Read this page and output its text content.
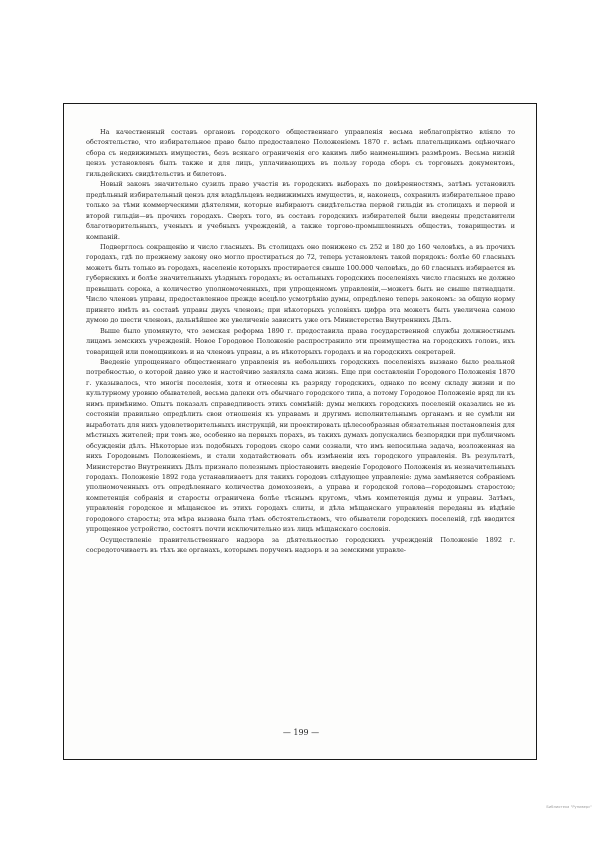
На качественный составъ органовъ городского общественнаго управленія весьма неблагопріятно вліяло то обстоятельство, что избирательное право было предоставлено Положеніемъ 1870 г. всѣмъ плательщикамъ оцѣночнаго сбора съ недвижимыхъ имуществъ, безъ всякаго ограниченія его какимъ либо наименьшимъ размѣромъ. Весьма низкій цензъ установленъ былъ также и для лицъ, уплачивающихъ въ пользу города сборъ съ торговыхъ документовъ, гильдейскихъ свидѣтельствъ и билетовъ.

Новый законъ значительно сузилъ право участія въ городскихъ выборахъ по довѣренностямъ, затѣмъ установилъ предѣльный избирательный цензъ для владѣльцевъ недвижимыхъ имуществъ, и, наконецъ, сохранилъ избирательное право только за тѣми коммерческими дѣятелями, которые выбираютъ свидѣтельства первой гильдіи въ столицахъ и первой и второй гильдіи—въ прочихъ городахъ. Сверхъ того, въ составъ городскихъ избирателей были введены представители благотворительныхъ, ученыхъ и учебныхъ учрежденій, а также торгово-промышленныхъ обществъ, товариществъ и компаній.

Подверглось сокращенію и число гласныхъ. Въ столицахъ оно понижено съ 252 и 180 до 160 человѣкъ, а въ прочихъ городахъ, гдѣ по прежнему закону оно могло простираться до 72, теперь установленъ такой порядокъ: болѣе 60 гласныхъ можетъ быть только въ городахъ, населеніе которыхъ простирается свыше 100.000 человѣкъ, до 60 гласныхъ избирается въ губернскихъ и болѣе значительныхъ уѣздныхъ городахъ; въ остальныхъ городскихъ поселеніяхъ число гласныхъ не должно превышать сорока, а количество уполномоченныхъ, при упрощенномъ управленіи,—можетъ быть не свыше пятнадцати. Число членовъ управы, предоставленное прежде всецѣло усмотрѣнію думы, опредѣлено теперь закономъ: за общую норму принято имѣть въ составѣ управы двухъ членовъ; при нѣкоторыхъ условіяхъ цифра эта можетъ быть увеличена самою думою до шести членовъ, дальнѣйшее же увеличеніе зависитъ уже отъ Министерства Внутреннихъ Дѣлъ.

Выше было упомянуто, что земская реформа 1890 г. предоставила права государственной службы должностнымъ лицамъ земскихъ учрежденій. Новое Городовое Положеніе распространило эти преимущества на городскихъ головъ, ихъ товарищей или помощниковъ и на членовъ управы, а въ нѣкоторыхъ городахъ и на городскихъ секретарей.

Введеніе упрощеннаго общественнаго управленія въ небольшихъ городскихъ поселеніяхъ вызвано было реальной потребностью, о которой давно уже и настойчиво заявляла сама жизнь. Еще при составленіи Городового Положенія 1870 г. указывалось, что многія поселенія, хотя и отнесены къ разряду городскихъ, однако по всему складу жизни и по культурному уровню обывателей, весьма далеки отъ обычнаго городского типа, а потому Городовое Положеніе вряд ли къ нимъ примѣнимо. Опытъ показалъ справедливость этихъ сомнѣній: думы мелкихъ городскихъ поселеній оказались не въ состояніи правильно опредѣлить свои отношенія къ управамъ и другимъ исполнительнымъ органамъ и не сумѣли ни выработать для нихъ удовлетворительныхъ инструкцій, ни проектировать цѣлесообразныя обязательныя постановленія для мѣстныхъ жителей; при томъ же, особенно на первыхъ порахъ, въ такихъ думахъ допускались безпорядки при публичномъ обсужденіи дѣлъ. Нѣкоторые изъ подобныхъ городовъ скоро сами сознали, что имъ непосильна задача, возложенная на нихъ Городовымъ Положеніемъ, и стали ходатайствовать объ измѣненіи ихъ городского управленія. Въ результатѣ, Министерство Внутреннихъ Дѣлъ признало полезнымъ пріостановить введеніе Городового Положенія въ незначительныхъ городахъ. Положеніе 1892 года устанавливаетъ для такихъ городовъ слѣдующее управленіе: дума замѣняется собраніемъ уполномоченныхъ отъ опредѣленнаго количества домохозяевъ, а управа и городской голова—городовымъ старостою; компетенція собранія и старосты ограничена болѣе тѣснымъ кругомъ, чѣмъ компетенція думы и управы. Затѣмъ, управленія городское и мѣщанское въ этихъ городахъ слиты, и дѣла мѣщанскаго управленія переданы въ вѣдѣніе городового старосты; эта мѣра вызвана была тѣмъ обстоятельствомъ, что обыватели городскихъ поселеній, гдѣ вводится упрощенное устройство, состоятъ почти исключительно изъ лицъ мѣщанскаго сословія.

Осуществленіе правительственнаго надзора за дѣятельностью городскихъ учрежденій Положеніе 1892 г. сосредоточиваетъ въ тѣхъ же органахъ, которымъ порученъ надзоръ и за земскими управле-

— 199 —
Библиотека "Руниверс"
